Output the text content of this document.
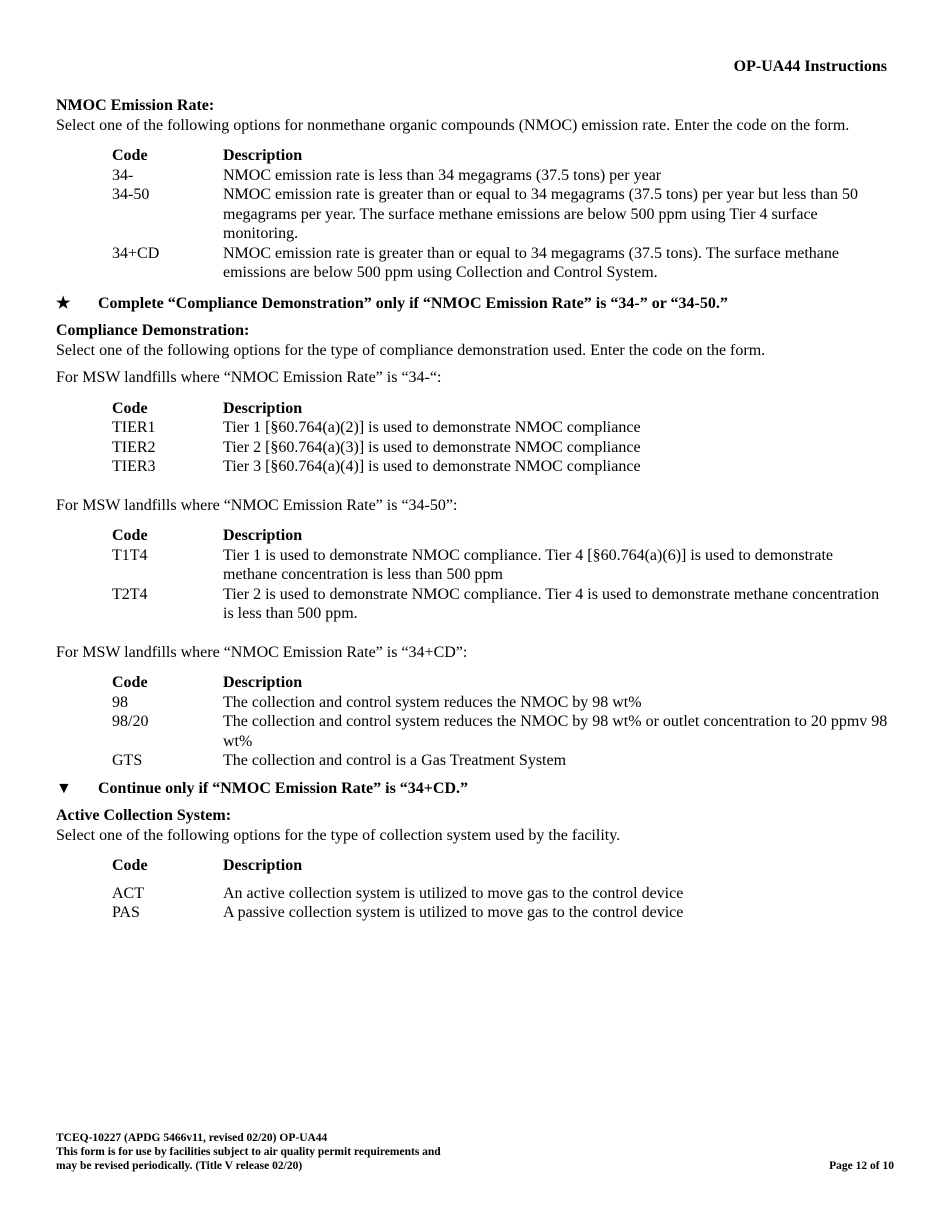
OP-UA44 Instructions
NMOC Emission Rate:

Select one of the following options for nonmethane organic compounds (NMOC) emission rate. Enter the code on the form.

Code	Description
34-	NMOC emission rate is less than 34 megagrams (37.5 tons) per year
34-50	NMOC emission rate is greater than or equal to 34 megagrams (37.5 tons) per year but less than 50 megagrams per year. The surface methane emissions are below 500 ppm using Tier 4 surface monitoring.
34+CD	NMOC emission rate is greater than or equal to 34 megagrams (37.5 tons). The surface methane emissions are below 500 ppm using Collection and Control System.
★	Complete “Compliance Demonstration” only if “NMOC Emission Rate” is “34-” or “34-50.”
Compliance Demonstration:

Select one of the following options for the type of compliance demonstration used. Enter the code on the form.

For MSW landfills where “NMOC Emission Rate” is “34-“:

Code	Description
TIER1	Tier 1 [§60.764(a)(2)] is used to demonstrate NMOC compliance
TIER2	Tier 2 [§60.764(a)(3)] is used to demonstrate NMOC compliance
TIER3	Tier 3 [§60.764(a)(4)] is used to demonstrate NMOC compliance

For MSW landfills where “NMOC Emission Rate” is “34-50”:

Code	Description
T1T4	Tier 1 is used to demonstrate NMOC compliance. Tier 4 [§60.764(a)(6)] is used to demonstrate methane concentration is less than 500 ppm
T2T4	Tier 2 is used to demonstrate NMOC compliance. Tier 4 is used to demonstrate methane concentration is less than 500 ppm.

For MSW landfills where “NMOC Emission Rate” is “34+CD”:

Code	Description
98	The collection and control system reduces the NMOC by 98 wt%
98/20	The collection and control system reduces the NMOC by 98 wt% or outlet concentration to 20 ppmv 98 wt%
GTS	The collection and control is a Gas Treatment System
▼	Continue only if “NMOC Emission Rate” is “34+CD.”
Active Collection System:

Select one of the following options for the type of collection system used by the facility.

Code	Description
ACT	An active collection system is utilized to move gas to the control device
PAS	A passive collection system is utilized to move gas to the control device
TCEQ-10227 (APDG 5466v11, revised 02/20) OP-UA44
This form is for use by facilities subject to air quality permit requirements and
may be revised periodically. (Title V release 02/20)	Page 12 of 10
